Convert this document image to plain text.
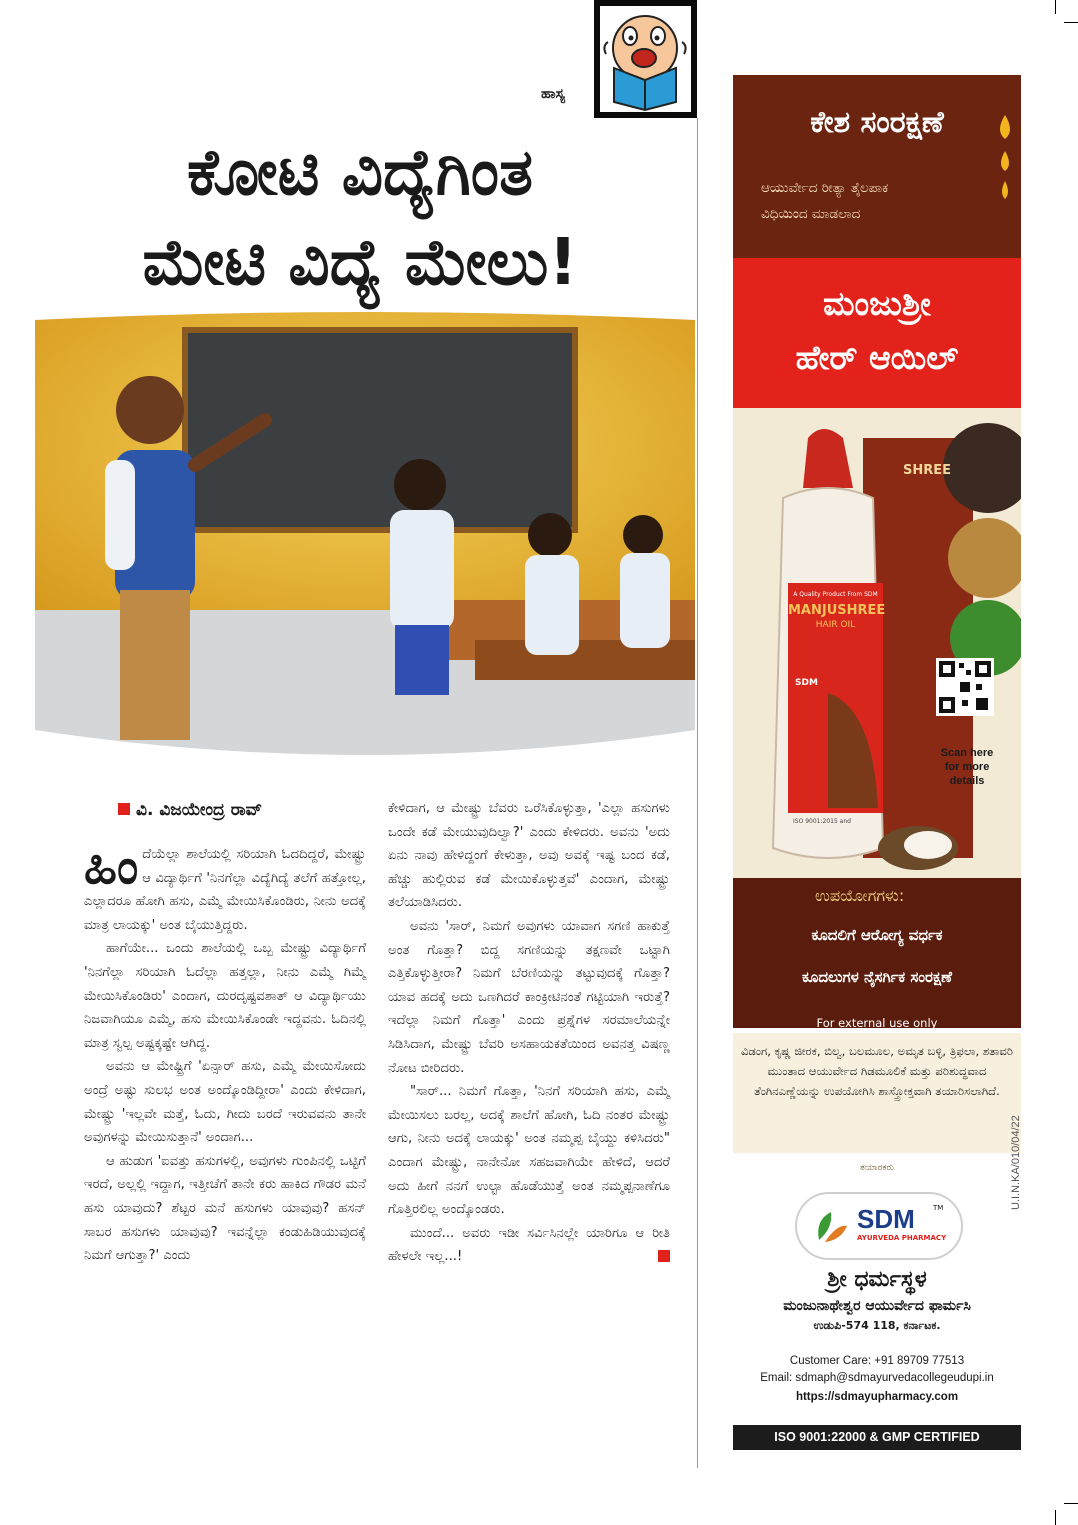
ಹಾಸ್ಯ
ಕೋಟಿ ವಿದ್ಯೆಗಿಂತ
ಮೇಟಿ ವಿದ್ಯೆ ಮೇಲು!
ವಿ. ವಿಜಯೇಂದ್ರ ರಾವ್

ಹಿಂದೆಯೆಲ್ಲಾ ಶಾಲೆಯಲ್ಲಿ ಸರಿಯಾಗಿ ಓದದಿದ್ದರೆ, ಮೇಷ್ಟ್ರು ಆ ವಿದ್ಯಾರ್ಥಿಗೆ 'ನಿನಗೆಲ್ಲಾ ವಿದ್ಯೆಗಿದ್ಯೆ ತಲೆಗೆ ಹತ್ತೋಲ್ಲ, ಎಲ್ಲಾದರೂ ಹೋಗಿ ಹಸು, ಎಮ್ಮೆ ಮೇಯಿಸಿಕೊಂಡಿರು, ನೀನು ಅದಕ್ಕೆ ಮಾತ್ರ ಲಾಯಕ್ಕು' ಅಂತ ಬೈಯುತ್ತಿದ್ದರು.

ಹಾಗೆಯೇ... ಒಂದು ಶಾಲೆಯಲ್ಲಿ ಒಬ್ಬ ಮೇಷ್ಟ್ರು ವಿದ್ಯಾರ್ಥಿಗೆ 'ನಿನಗೆಲ್ಲಾ ಸರಿಯಾಗಿ ಓದೆಲ್ಲಾ ಹತ್ತಲ್ಲಾ, ನೀನು ಎಮ್ಮೆ ಗಿಮ್ಮೆ ಮೇಯಿಸಿಕೊಂಡಿರು' ಎಂದಾಗ, ದುರದೃಷ್ಟವಶಾತ್ ಆ ವಿದ್ಯಾರ್ಥಿಯು ನಿಜವಾಗಿಯೂ ಎಮ್ಮೆ, ಹಸು ಮೇಯಿಸಿಕೊಂಡೇ ಇದ್ದವನು. ಓದಿನಲ್ಲಿ ಮಾತ್ರ ಸ್ವಲ್ಪ ಅಷ್ಟಕ್ಕಷ್ಟೇ ಆಗಿದ್ದ.

ಅವನು ಆ ಮೇಷ್ಟ್ರಿಗೆ 'ಏನ್ಸಾರ್ ಹಸು, ಎಮ್ಮೆ ಮೇಯಿಸೋದು ಅಂದ್ರೆ ಅಷ್ಟು ಸುಲಭ ಅಂತ ಅಂದ್ಕೊಂಡಿದ್ದೀರಾ' ಎಂದು ಕೇಳಿದಾಗ, ಮೇಷ್ಟ್ರು 'ಇಲ್ಲವೇ ಮತ್ತೆ, ಓದು, ಗೀದು ಬರದೆ ಇರುವವನು ತಾನೇ ಅವುಗಳನ್ನು ಮೇಯಿಸುತ್ತಾನೆ' ಅಂದಾಗ...

ಆ ಹುಡುಗ 'ಐವತ್ತು ಹಸುಗಳಲ್ಲಿ, ಅವುಗಳು ಗುಂಪಿನಲ್ಲಿ ಒಟ್ಟಿಗೆ ಇರದೆ, ಅಲ್ಲಲ್ಲಿ ಇದ್ದಾಗ, ಇತ್ತೀಚೆಗೆ ತಾನೇ ಕರು ಹಾಕಿದ ಗೌಡರ ಮನೆ ಹಸು ಯಾವುದು? ಶೆಟ್ಟರ ಮನೆ ಹಸುಗಳು ಯಾವುವು? ಹಸನ್ ಸಾಬರ ಹಸುಗಳು ಯಾವುವು? ಇವನ್ನೆಲ್ಲಾ ಕಂಡುಹಿಡಿಯುವುದಕ್ಕೆ ನಿಮಗೆ ಆಗುತ್ತಾ?' ಎಂದು

ಕೇಳಿದಾಗ, ಆ ಮೇಷ್ಟ್ರು ಬೆವರು ಒರೆಸಿಕೊಳ್ಳುತ್ತಾ, 'ಎಲ್ಲಾ ಹಸುಗಳು ಒಂದೇ ಕಡೆ ಮೇಯುವುದಿಲ್ವಾ?' ಎಂದು ಕೇಳಿದರು. ಅವನು 'ಅದು ಏನು ನಾವು ಹೇಳಿದ್ದಂಗೆ ಕೇಳುತ್ತಾ, ಅವು ಅವಕ್ಕೆ ಇಷ್ಟ ಬಂದ ಕಡೆ, ಹೆಚ್ಚು ಹುಲ್ಲಿರುವ ಕಡೆ ಮೇಯಿಕೊಳ್ಳುತ್ತವೆ' ಎಂದಾಗ, ಮೇಷ್ಟ್ರು ತಲೆಯಾಡಿಸಿದರು.

ಅವನು 'ಸಾರ್, ನಿಮಗೆ ಅವುಗಳು ಯಾವಾಗ ಸಗಣಿ ಹಾಕುತ್ತೆ ಅಂತ ಗೊತ್ತಾ? ಬಿದ್ದ ಸಗಣಿಯನ್ನು ತಕ್ಷಣವೇ ಒಟ್ಟಾಗಿ ಎತ್ತಿಕೊಳ್ಳುತ್ತೀರಾ? ನಿಮಗೆ ಬೆರಣಿಯನ್ನು ತಟ್ಟುವುದಕ್ಕೆ ಗೊತ್ತಾ? ಯಾವ ಹದಕ್ಕೆ ಅದು ಒಣಗಿದರೆ ಕಾಂಕ್ರೀಟಿನಂತೆ ಗಟ್ಟಿಯಾಗಿ ಇರುತ್ತೆ? ಇದೆಲ್ಲಾ ನಿಮಗೆ ಗೊತ್ತಾ' ಎಂದು ಪ್ರಶ್ನೆಗಳ ಸರಮಾಲೆಯನ್ನೇ ಸಿಡಿಸಿದಾಗ, ಮೇಷ್ಟ್ರು ಬೆವರಿ ಅಸಹಾಯಕತೆಯಿಂದ ಅವನತ್ತ ವಿಷಣ್ಣ ನೋಟ ಬೀರಿದರು.

"ಸಾರ್... ನಿಮಗೆ ಗೊತ್ತಾ, 'ನಿನಗೆ ಸರಿಯಾಗಿ ಹಸು, ಎಮ್ಮೆ ಮೇಯಿಸಲು ಬರಲ್ಲ, ಅದಕ್ಕೆ ಶಾಲೆಗೆ ಹೋಗಿ, ಓದಿ ನಂತರ ಮೇಷ್ಟ್ರು ಆಗು, ನೀನು ಅದಕ್ಕೆ ಲಾಯಕ್ಕು' ಅಂತ ನಮ್ಮಪ್ಪ ಬೈಯ್ದು ಕಳಿಸಿದರು" ಎಂದಾಗ ಮೇಷ್ಟ್ರು, ನಾನೇನೋ ಸಹಜವಾಗಿಯೇ ಹೇಳಿದೆ, ಆದರೆ ಅದು ಹೀಗೆ ನನಗೆ ಉಲ್ಟಾ ಹೊಡೆಯುತ್ತೆ ಅಂತ ನಮ್ಮಪ್ಪನಾಣೆಗೂ ಗೊತ್ತಿರಲಿಲ್ಲ ಅಂದ್ಕೊಂಡರು.

ಮುಂದೆ... ಅವರು ಇಡೀ ಸರ್ವಿಸಿನಲ್ಲೇ ಯಾರಿಗೂ ಆ ರೀತಿ ಹೇಳಲೇ ಇಲ್ಲ...!

ಕೇಶ ಸಂರಕ್ಷಣೆ
ಆಯುರ್ವೇದ ರೀತ್ಯಾ ತೈಲಪಾಕ
ವಿಧಿಯಿಂದ ಮಾಡಲಾದ
ಮಂಜುಶ್ರೀ
ಹೇರ್ ಆಯಿಲ್
SHREE
A Quality Product From SDM
MANJUSHREE
HAIR OIL
SDM
ISO 9001:2015 and
Scan here for more details
ಉಪಯೋಗಗಳು:
ಕೂದಲಿಗೆ ಆರೋಗ್ಯ ವರ್ಧಕ
ಕೂದಲುಗಳ ನೈಸರ್ಗಿಕ ಸಂರಕ್ಷಣೆ
For external use only
ವಿಡಂಗ, ಕೃಷ್ಣ ಜೀರಕ, ಬಿಲ್ವ, ಬಲಮೂಲ, ಅಮೃತ ಬಳ್ಳಿ, ತ್ರಿಫಲಾ, ಶತಾವರಿ ಮುಂತಾದ ಆಯುರ್ವೇದ ಗಿಡಮೂಲಿಕೆ ಮತ್ತು ಪರಿಶುದ್ಧವಾದ ತೆಂಗಿನಎಣ್ಣೆಯನ್ನು ಉಪಯೋಗಿಸಿ ಶಾಸ್ತ್ರೋಕ್ತವಾಗಿ ತಯಾರಿಸಲಾಗಿದೆ.
ತಯಾರಕರು
SDM	TM
AYURVEDA PHARMACY
ಶ್ರೀ ಧರ್ಮಸ್ಥಳ
ಮಂಜುನಾಥೇಶ್ವರ ಆಯುರ್ವೇದ ಫಾರ್ಮಸಿ
ಉಡುಪಿ-574 118, ಕರ್ನಾಟಕ.
Customer Care: +91 89709 77513
Email: sdmaph@sdmayurvedacollegeudupi.in
https://sdmayupharmacy.com
ISO 9001:22000 & GMP CERTIFIED
U.I.N.KA/010/04/22
